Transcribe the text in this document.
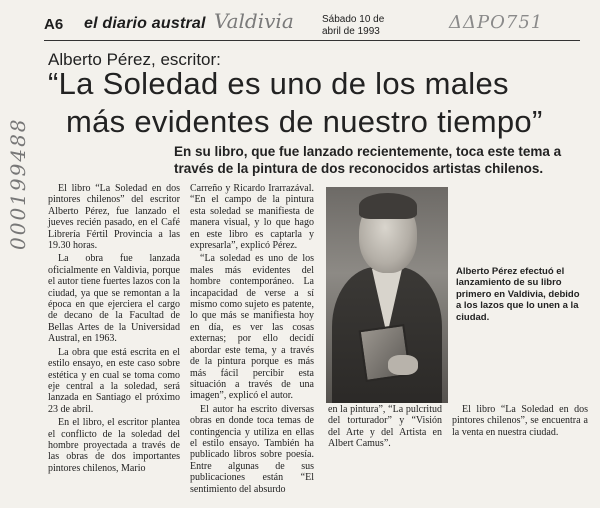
A6 el diario austral Valdivia	Sábado 10 de
abril de 1993	ΔΔΡΟ751
000199488
Alberto Pérez, escritor:
“La Soledad es uno de los males
más evidentes de nuestro tiempo”
En su libro, que fue lanzado recientemente, toca este tema a través de la pintura de dos reconocidos artistas chilenos.

El libro “La Soledad en dos pintores chilenos” del escritor Alberto Pérez, fue lanzado el jueves recién pasado, en el Café Librería Fértil Provincia a las 19.30 horas.

La obra fue lanzada oficialmente en Valdivia, porque el autor tiene fuertes lazos con la ciudad, ya que se remontan a la época en que ejerciera el cargo de decano de la Facultad de Bellas Artes de la Universidad Austral, en 1963.

La obra que está escrita en el estilo ensayo, en este caso sobre estética y en cual se toma como eje central a la soledad, será lanzada en Santiago el próximo 23 de abril.

En el libro, el escritor plantea el conflicto de la soledad del hombre proyectada a través de las obras de dos importantes pintores chilenos, Mario

Carreño y Ricardo Irarrazával. “En el campo de la pintura esta soledad se manifiesta de manera visual, y lo que hago en este libro es captarla y expresarla”, explicó Pérez.

“La soledad es uno de los males más evidentes del hombre contemporáneo. La incapacidad de verse a sí mismo como sujeto es patente, lo que más se manifiesta hoy en día, es ver las cosas externas; por ello decidí abordar este tema, y a través de la pintura porque es más más fácil percibir esta situación a través de una imagen”, explicó el autor.

El autor ha escrito diversas obras en donde toca temas de contingencia y utiliza en ellas el estilo ensayo. También ha publicado libros sobre poesía. Entre algunas de sus publicaciones están “El sentimiento del absurdo

Alberto Pérez efectuó el lanzamiento de su libro primero en Valdivia, debido a los lazos que lo unen a la ciudad.

en la pintura”, “La pulcritud del torturador” y “Visión del Arte y del Artista en Albert Camus”.

El libro “La Soledad en dos pintores chilenos”, se encuentra a la venta en nuestra ciudad.
